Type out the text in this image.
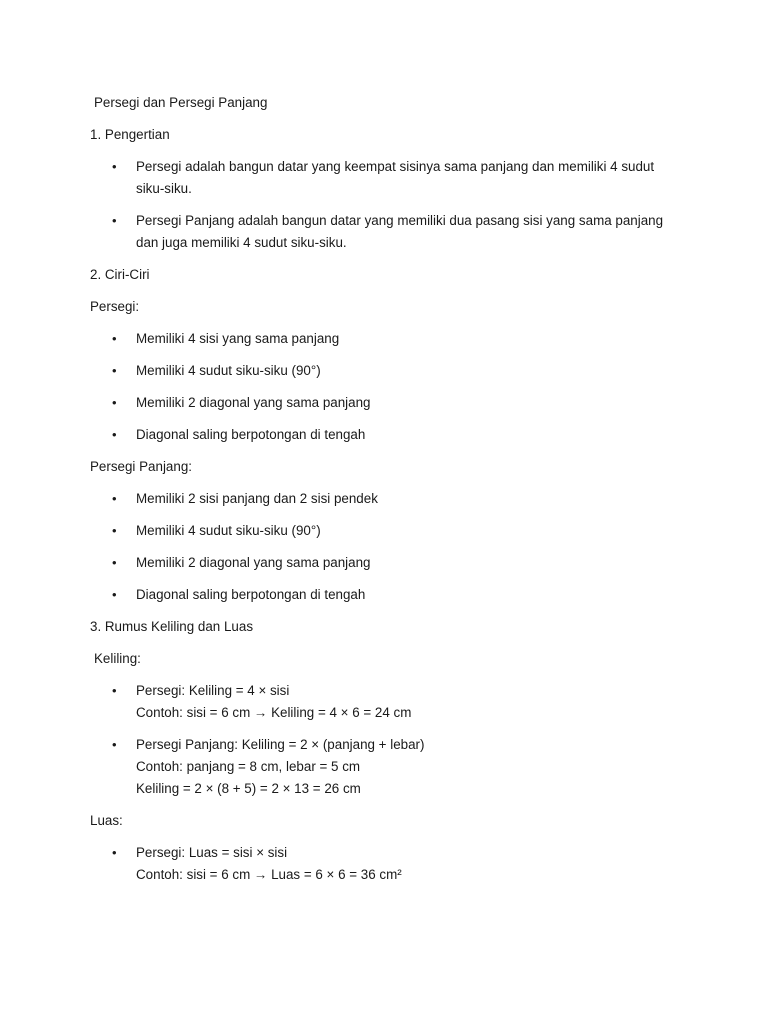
Persegi dan Persegi Panjang
1. Pengertian
• Persegi adalah bangun datar yang keempat sisinya sama panjang dan memiliki 4 sudut
siku-siku.
• Persegi Panjang adalah bangun datar yang memiliki dua pasang sisi yang sama panjang
dan juga memiliki 4 sudut siku-siku.
2. Ciri-Ciri
Persegi:
• Memiliki 4 sisi yang sama panjang
• Memiliki 4 sudut siku-siku (90°)
• Memiliki 2 diagonal yang sama panjang
• Diagonal saling berpotongan di tengah
Persegi Panjang:
• Memiliki 2 sisi panjang dan 2 sisi pendek
• Memiliki 4 sudut siku-siku (90°)
• Memiliki 2 diagonal yang sama panjang
• Diagonal saling berpotongan di tengah
3. Rumus Keliling dan Luas
Keliling:
• Persegi: Keliling = 4 × sisi
Contoh: sisi = 6 cm → Keliling = 4 × 6 = 24 cm
• Persegi Panjang: Keliling = 2 × (panjang + lebar)
Contoh: panjang = 8 cm, lebar = 5 cm
Keliling = 2 × (8 + 5) = 2 × 13 = 26 cm
Luas:
• Persegi: Luas = sisi × sisi
Contoh: sisi = 6 cm → Luas = 6 × 6 = 36 cm²
